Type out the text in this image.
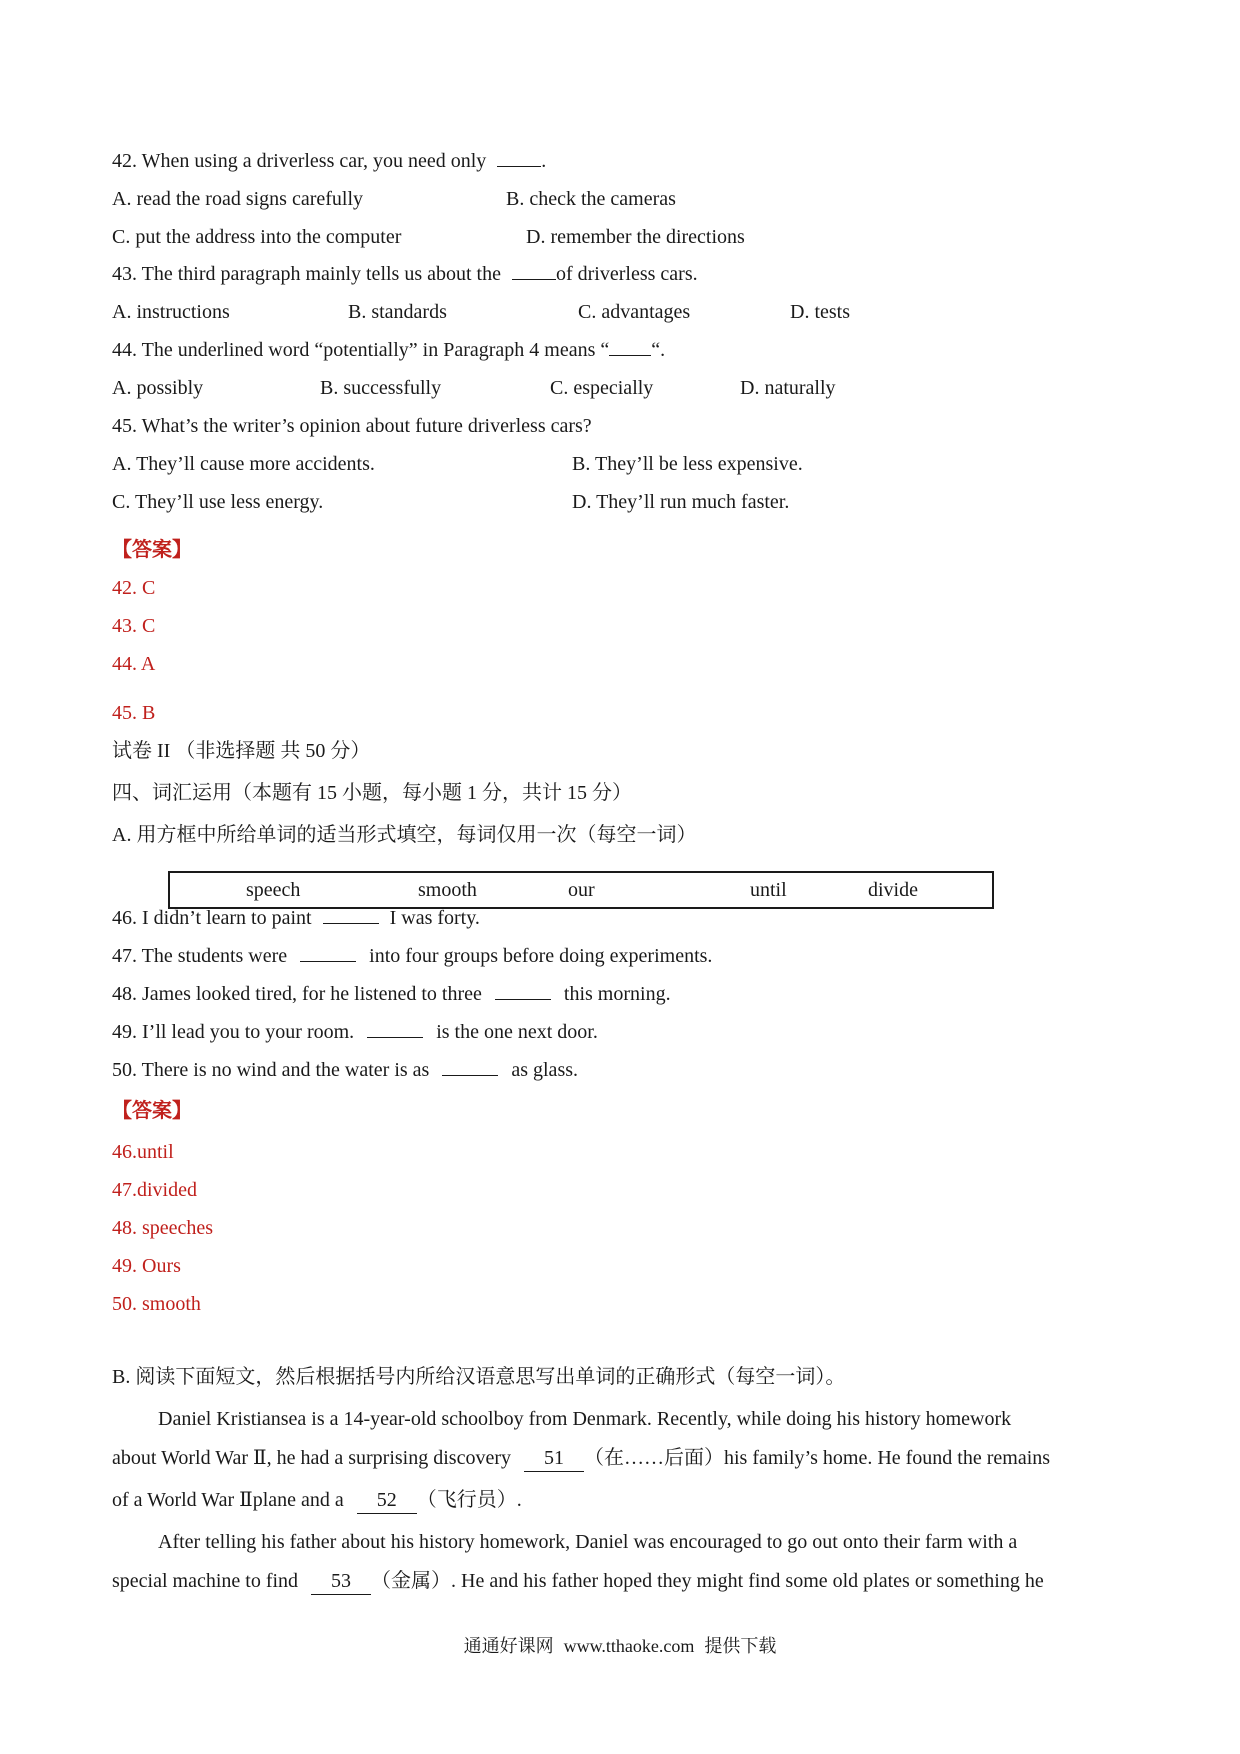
42. When using a driverless car, you need only	.
A. read the road signs carefully	B. check the cameras
C. put the address into the computer	D. remember the directions
43. The third paragraph mainly tells us about the	of driverless cars.
A. instructions	B. standards	C. advantages	D. tests
44. The underlined word “potentially” in Paragraph 4 means “ “.
A. possibly	B. successfully	C. especially	D. naturally
45. What’s the writer’s opinion about future driverless cars?
A. They’ll cause more accidents.	B. They’ll be less expensive.
C. They’ll use less energy.	D. They’ll run much faster.
【答案】
42. C
43. C
44. A
45. B
试卷 II （非选择题 共 50 分）
四、词汇运用（本题有 15 小题，每小题 1 分，共计 15 分）
A. 用方框中所给单词的适当形式填空，每词仅用一次（每空一词）
speech	smooth	our	until	divide
46. I didn’t learn to paint	I was forty.
47. The students were	into four groups before doing experiments.
48. James looked tired, for he listened to three	this morning.
49. I’ll lead you to your room.	is the one next door.
50. There is no wind and the water is as	as glass.
【答案】
46.until
47.divided
48. speeches
49. Ours
50. smooth
B. 阅读下面短文，然后根据括号内所给汉语意思写出单词的正确形式（每空一词）。
Daniel Kristiansea is a 14-year-old schoolboy from Denmark. Recently, while doing his history homework
about World War Ⅱ, he had a surprising discovery 51 （在……后面）his family’s home. He found the remains
of a World War Ⅱplane and a 52 （飞行员）.
After telling his father about his history homework, Daniel was encouraged to go out onto their farm with a
special machine to find 53 （金属）. He and his father hoped they might find some old plates or something he
通通好课网 www.tthaoke.com 提供下载
